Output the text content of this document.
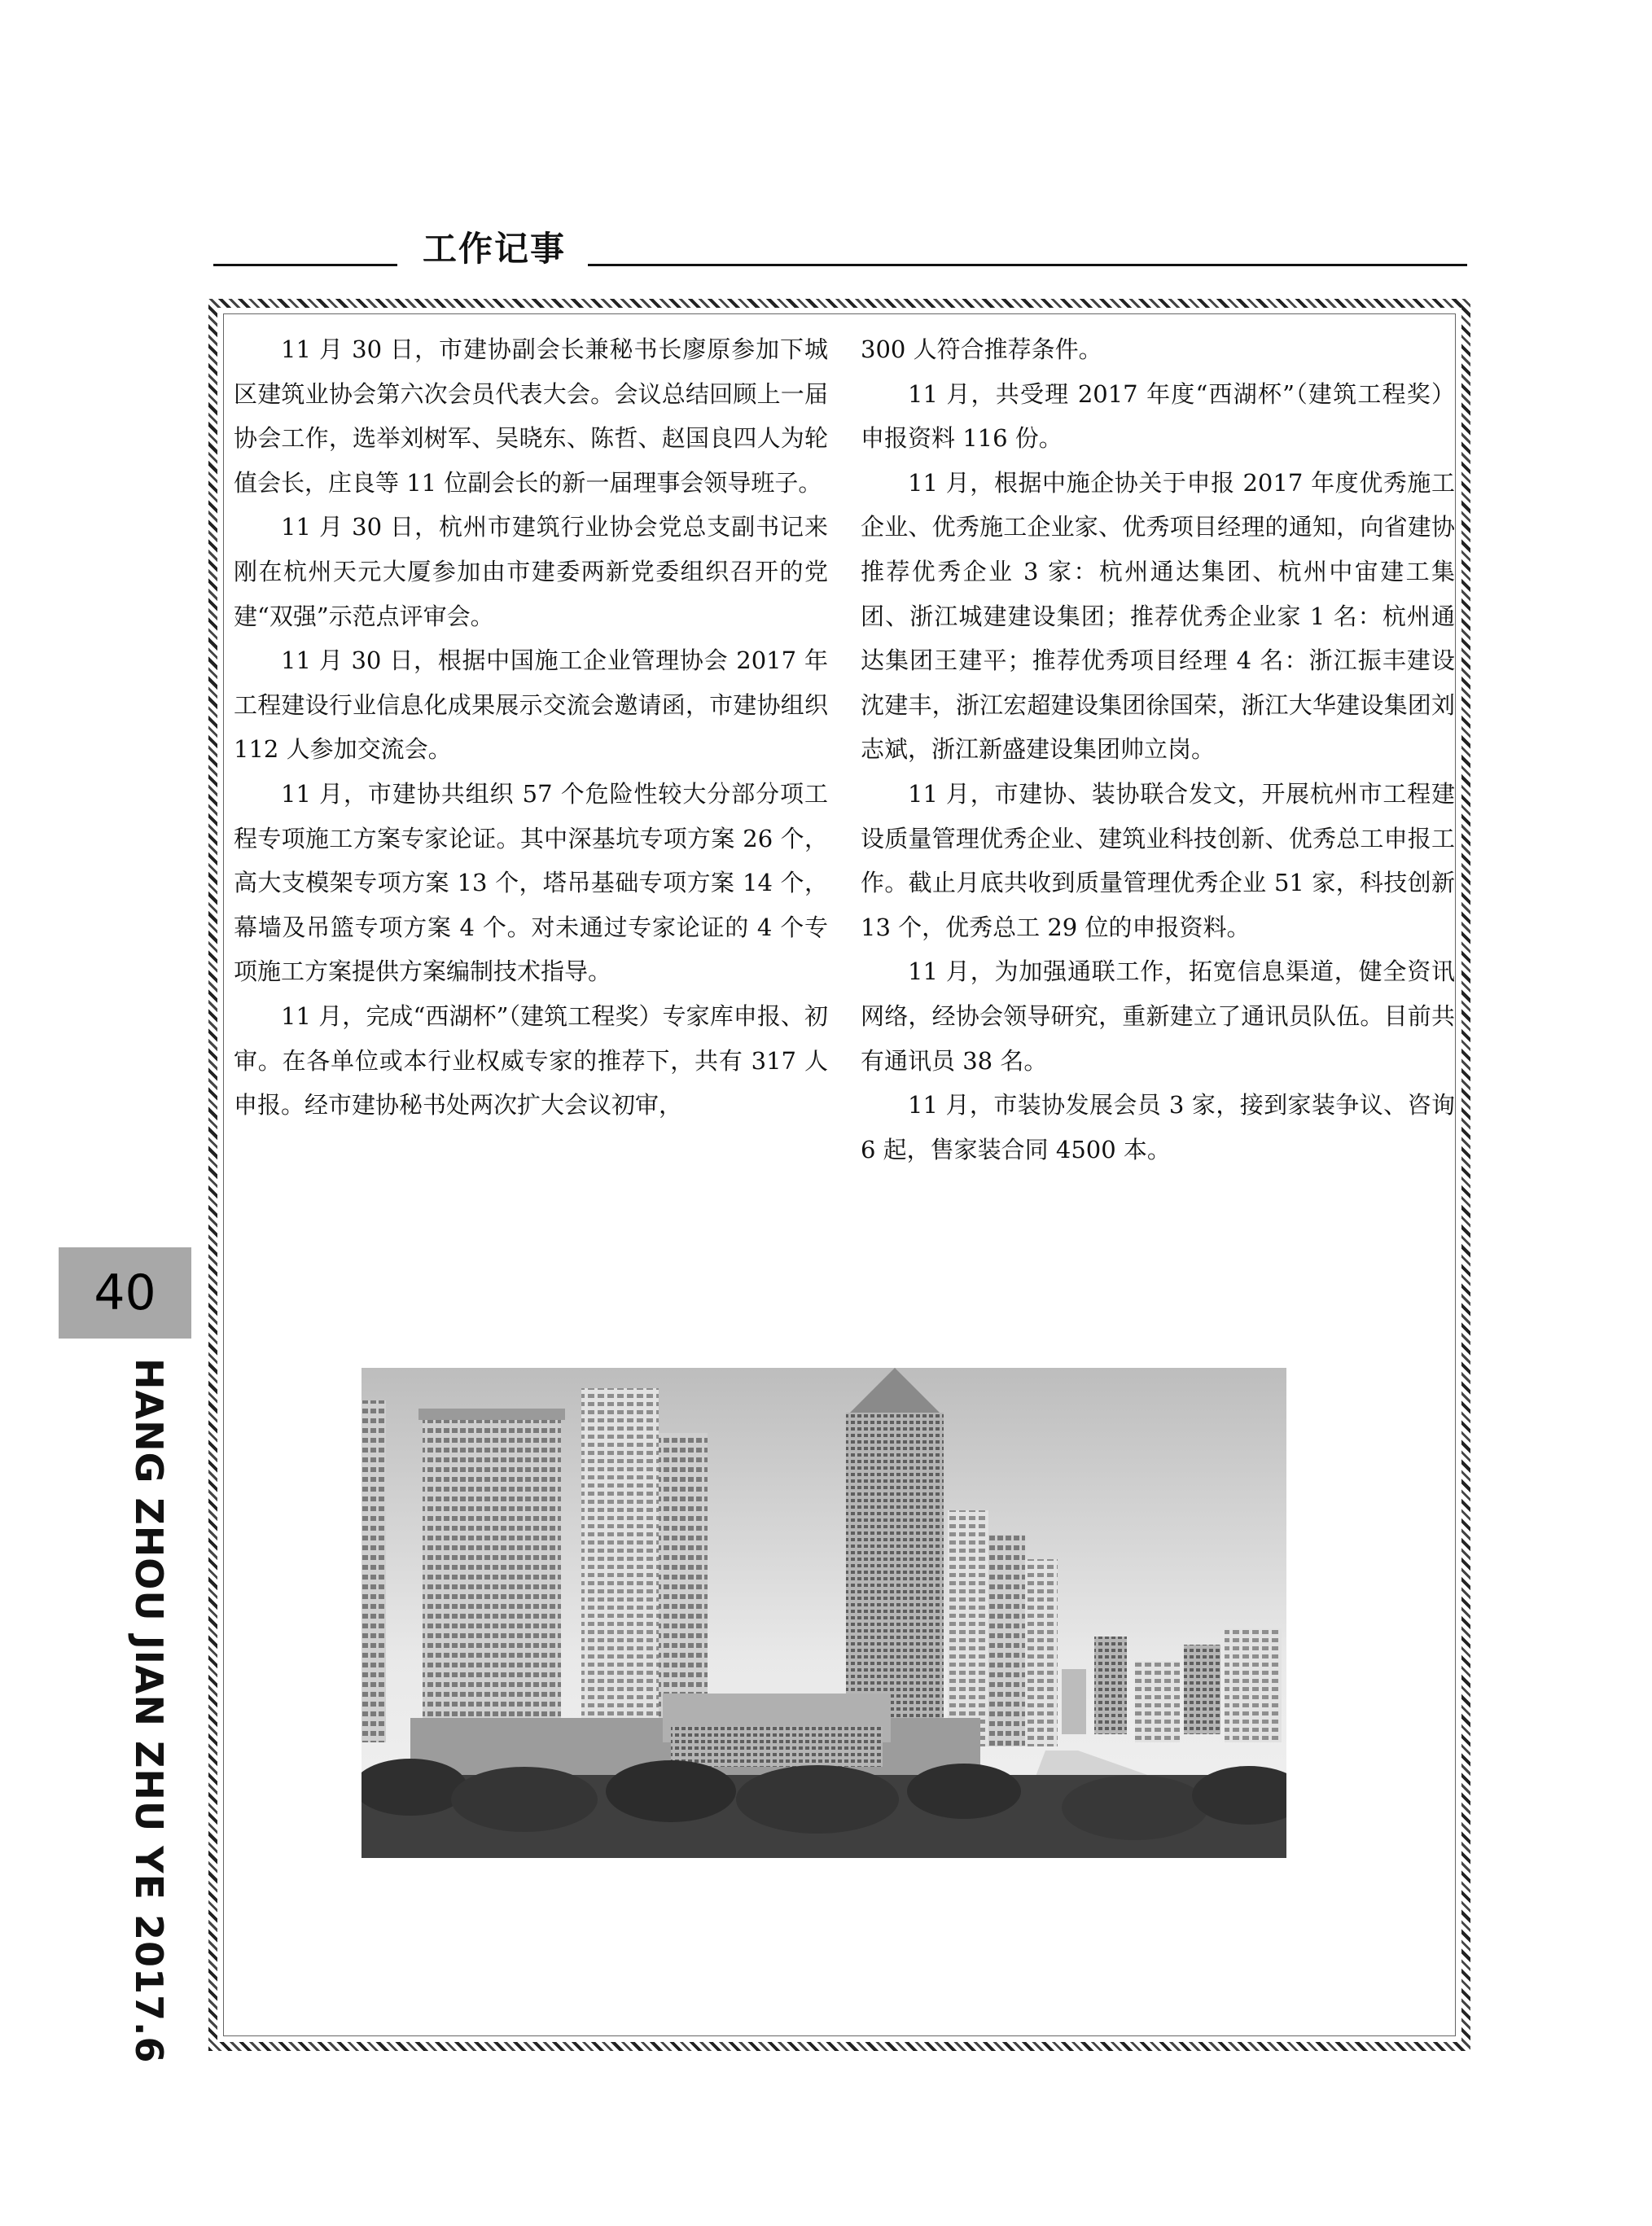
工作记事

11 月 30 日，市建协副会长兼秘书长廖原参加下城区建筑业协会第六次会员代表大会。会议总结回顾上一届协会工作，选举刘树军、吴晓东、陈哲、赵国良四人为轮值会长，庄良等 11 位副会长的新一届理事会领导班子。

11 月 30 日，杭州市建筑行业协会党总支副书记来刚在杭州天元大厦参加由市建委两新党委组织召开的党建“双强”示范点评审会。

11 月 30 日，根据中国施工企业管理协会 2017 年工程建设行业信息化成果展示交流会邀请函，市建协组织 112 人参加交流会。

11 月，市建协共组织 57 个危险性较大分部分项工程专项施工方案专家论证。其中深基坑专项方案 26 个，高大支模架专项方案 13 个，塔吊基础专项方案 14 个，幕墙及吊篮专项方案 4 个。对未通过专家论证的 4 个专项施工方案提供方案编制技术指导。

11 月，完成“西湖杯”（建筑工程奖）专家库申报、初审。在各单位或本行业权威专家的推荐下，共有 317 人申报。经市建协秘书处两次扩大会议初审，

300 人符合推荐条件。

11 月，共受理 2017 年度“西湖杯”（建筑工程奖）申报资料 116 份。

11 月，根据中施企协关于申报 2017 年度优秀施工企业、优秀施工企业家、优秀项目经理的通知，向省建协推荐优秀企业 3 家：杭州通达集团、杭州中宙建工集团、浙江城建建设集团；推荐优秀企业家 1 名：杭州通达集团王建平；推荐优秀项目经理 4 名：浙江振丰建设沈建丰，浙江宏超建设集团徐国荣，浙江大华建设集团刘志斌，浙江新盛建设集团帅立岗。

11 月，市建协、装协联合发文，开展杭州市工程建设质量管理优秀企业、建筑业科技创新、优秀总工申报工作。截止月底共收到质量管理优秀企业 51 家，科技创新 13 个，优秀总工 29 位的申报资料。

11 月，为加强通联工作，拓宽信息渠道，健全资讯网络，经协会领导研究，重新建立了通讯员队伍。目前共有通讯员 38 名。

11 月，市装协发展会员 3 家，接到家装争议、咨询 6 起，售家装合同 4500 本。

40
HANG ZHOU JIAN ZHU YE 2017.6
